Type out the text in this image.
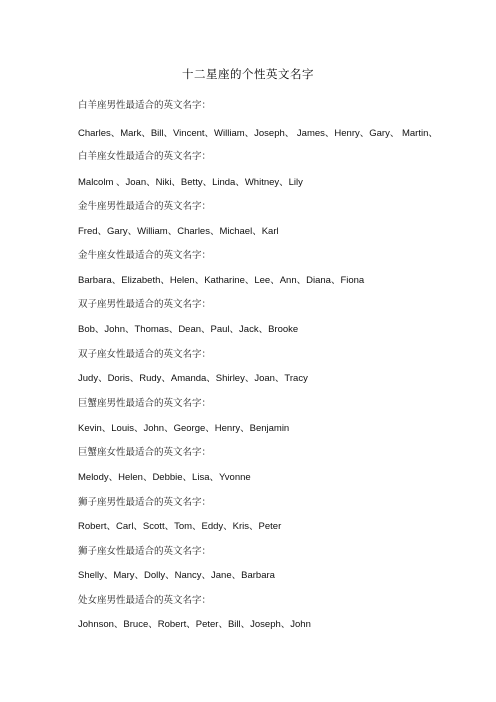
十二星座的个性英文名字
白羊座男性最适合的英文名字：
Charles、Mark、Bill、Vincent、William、Joseph、 James、Henry、Gary、 Martin、
白羊座女性最适合的英文名字：
Malcolm 、Joan、Niki、Betty、Linda、Whitney、Lily
金牛座男性最适合的英文名字：
Fred、Gary、William、Charles、Michael、Karl
金牛座女性最适合的英文名字：
Barbara、Elizabeth、Helen、Katharine、Lee、Ann、Diana、Fiona
双子座男性最适合的英文名字：
Bob、John、Thomas、Dean、Paul、Jack、Brooke
双子座女性最适合的英文名字：
Judy、Doris、Rudy、Amanda、Shirley、Joan、Tracy
巨蟹座男性最适合的英文名字：
Kevin、Louis、John、George、Henry、Benjamin
巨蟹座女性最适合的英文名字：
Melody、Helen、Debbie、Lisa、Yvonne
狮子座男性最适合的英文名字：
Robert、Carl、Scott、Tom、Eddy、Kris、Peter
狮子座女性最适合的英文名字：
Shelly、Mary、Dolly、Nancy、Jane、Barbara
处女座男性最适合的英文名字：
Johnson、Bruce、Robert、Peter、Bill、Joseph、John
